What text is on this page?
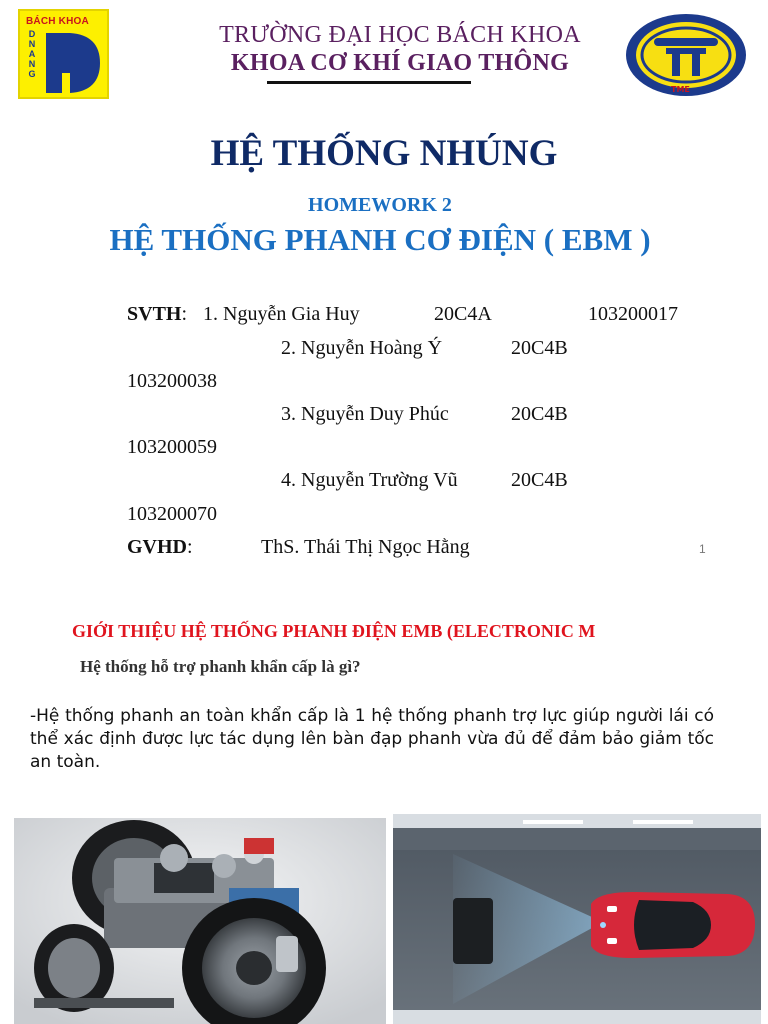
BÁCH KHOA
D
N
A
N
G
TRƯỜNG ĐẠI HỌC BÁCH KHOA
KHOA CƠ KHÍ GIAO THÔNG
TME
HỆ THỐNG NHÚNG
HOMEWORK 2
HỆ THỐNG PHANH CƠ ĐIỆN ( EBM )
SVTH: 1. Nguyễn Gia Huy	20C4A	103200017
2. Nguyễn Hoàng Ý	20C4B
103200038
3. Nguyễn Duy Phúc	20C4B
103200059
4. Nguyễn Trường Vũ	20C4B
103200070
GVHD:	ThS. Thái Thị Ngọc Hằng	1
GIỚI THIỆU HỆ THỐNG PHANH ĐIỆN EMB (ELECTRONIC M
Hệ thống hỗ trợ phanh khẩn cấp là gì?
-Hệ thống phanh an toàn khẩn cấp là 1 hệ thống phanh trợ lực giúp người lái có thể xác định được lực tác dụng lên bàn đạp phanh vừa đủ để đảm bảo giảm tốc an toàn.
